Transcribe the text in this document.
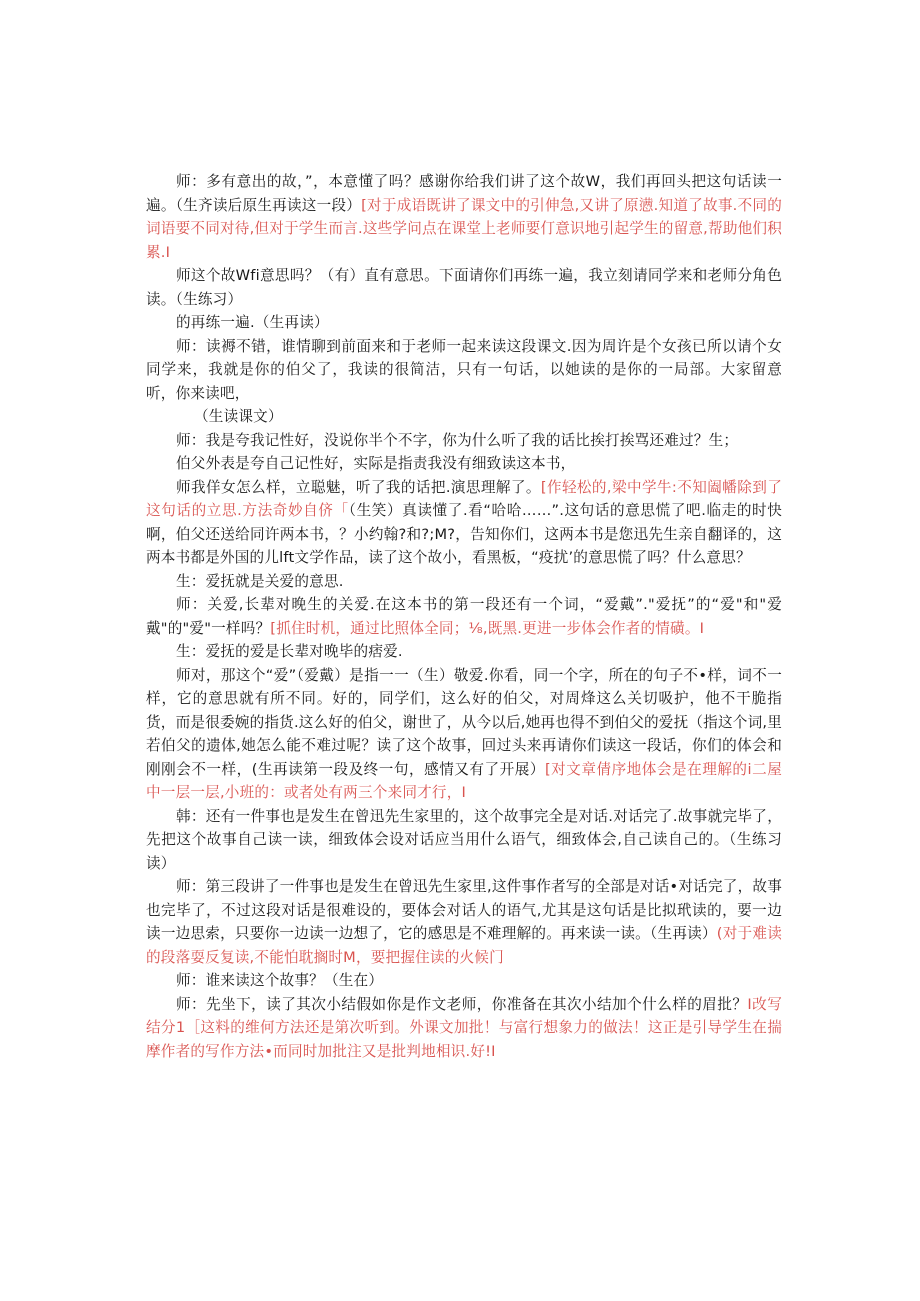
师：多有意出的故，”，本意懂了吗？感谢你给我们讲了这个故W，我们再回头把这句话读一遍。（生齐读后原生再读这一段）[对于成语既讲了课文中的引伸急,又讲了原懑.知道了故事.不同的词语要不同对待,但对于学生而言.这些学问点在课堂上老师要仃意识地引起学生的留意,帮助他们积累.I

师这个故Wfi意思吗？（有）直有意思。下面请你们再练一遍，我立刻请同学来和老师分角色读。（生练习）

的再练一遍.（生再读）

师：读褥不错，谁情聊到前面来和于老师一起来读这段课文.因为周许是个女孩已所以请个女同学来，我就是你的伯父了，我读的很简洁，只有一句话，以她读的是你的一局部。大家留意听，你来读吧，

（生读课文）

师：我是夸我记性好，没说你半个不字，你为什么听了我的话比挨打挨骂还难过？生；

伯父外表是夸自己记性好，实际是指责我没有细致读这本书，

师我佯女怎么样，立聪魅，听了我的话把.演思理解了。[作轻松的,梁中学牛:不知阖幡除到了这句话的立思.方法奇妙自侪「（生笑）真读懂了.看“哈哈……”.这句话的意思慌了吧.临走的时快啊，伯父还送给同许两本书，？小约翰?和?;M?，告知你们，这两本书是您迅先生亲自翻译的，这两本书都是外国的儿lft文学作品，读了这个故小，看黑板，“疫扰’的意思慌了吗？什么意思？

生：爱抚就是关爱的意思.

师：关爱,长辈对晚生的关爱.在这本书的第一段还有一个词，“爱戴”."爱抚”的“爱"和"爱戴"的"爱"一样吗？[抓住时机，通过比照体全同；⅛,既黑.更进一步体会作者的情磺。I

生：爱抚的爱是长辈对晚毕的痞爱.

师对，那这个“爱”（爱戴）是指一一（生）敬爱.你看，同一个字，所在的句子不•样，词不一样，它的意思就有所不同。好的，同学们，这么好的伯父，对周烽这么关切吸护，他不干脆指货，而是很委婉的指货.这么好的伯父，谢世了，从今以后,她再也得不到伯父的爱抚（指这个词,里若伯父的遗体,她怎么能不难过呢？读了这个故事，回过头来再请你们读这一段话，你们的体会和刚刚会不一样，(生再读第一段及终一句，感情又有了开展）[对文章倩序地体会是在理解的i二屋中一层一层,小班的：或者处有两三个来同才行，I

韩：还有一件事也是发生在曾迅先生家里的，这个故事完全是对话.对话完了.故事就完毕了，先把这个故事自己读一读，细致体会设对话应当用什么语气，细致体会,自己读自己的。（生练习读）

师：第三段讲了一件事也是发生在曾迅先生家里,这件事作者写的全部是对话•对话完了，故事也完毕了，不过这段对话是很难设的，要体会对话人的语气,尤其是这句话是比拟玳读的，要一边读一边思索，只要你一边读一边想了，它的感思是不难理解的。再来读一读。（生再读）(对于难读的段落耍反复读,不能怕耽搁时M，要把握住读的火候门

师：谁来读这个故事？（生在）

师：先坐下，读了其次小结假如你是作文老师，你准备在其次小结加个什么样的眉批？I改写结分1［这料的维何方法还是第次听到。外课文加批！与富行想象力的做法！这正是引导学生在揣摩作者的写作方法•而同时加批注又是批判地相识.好!I
